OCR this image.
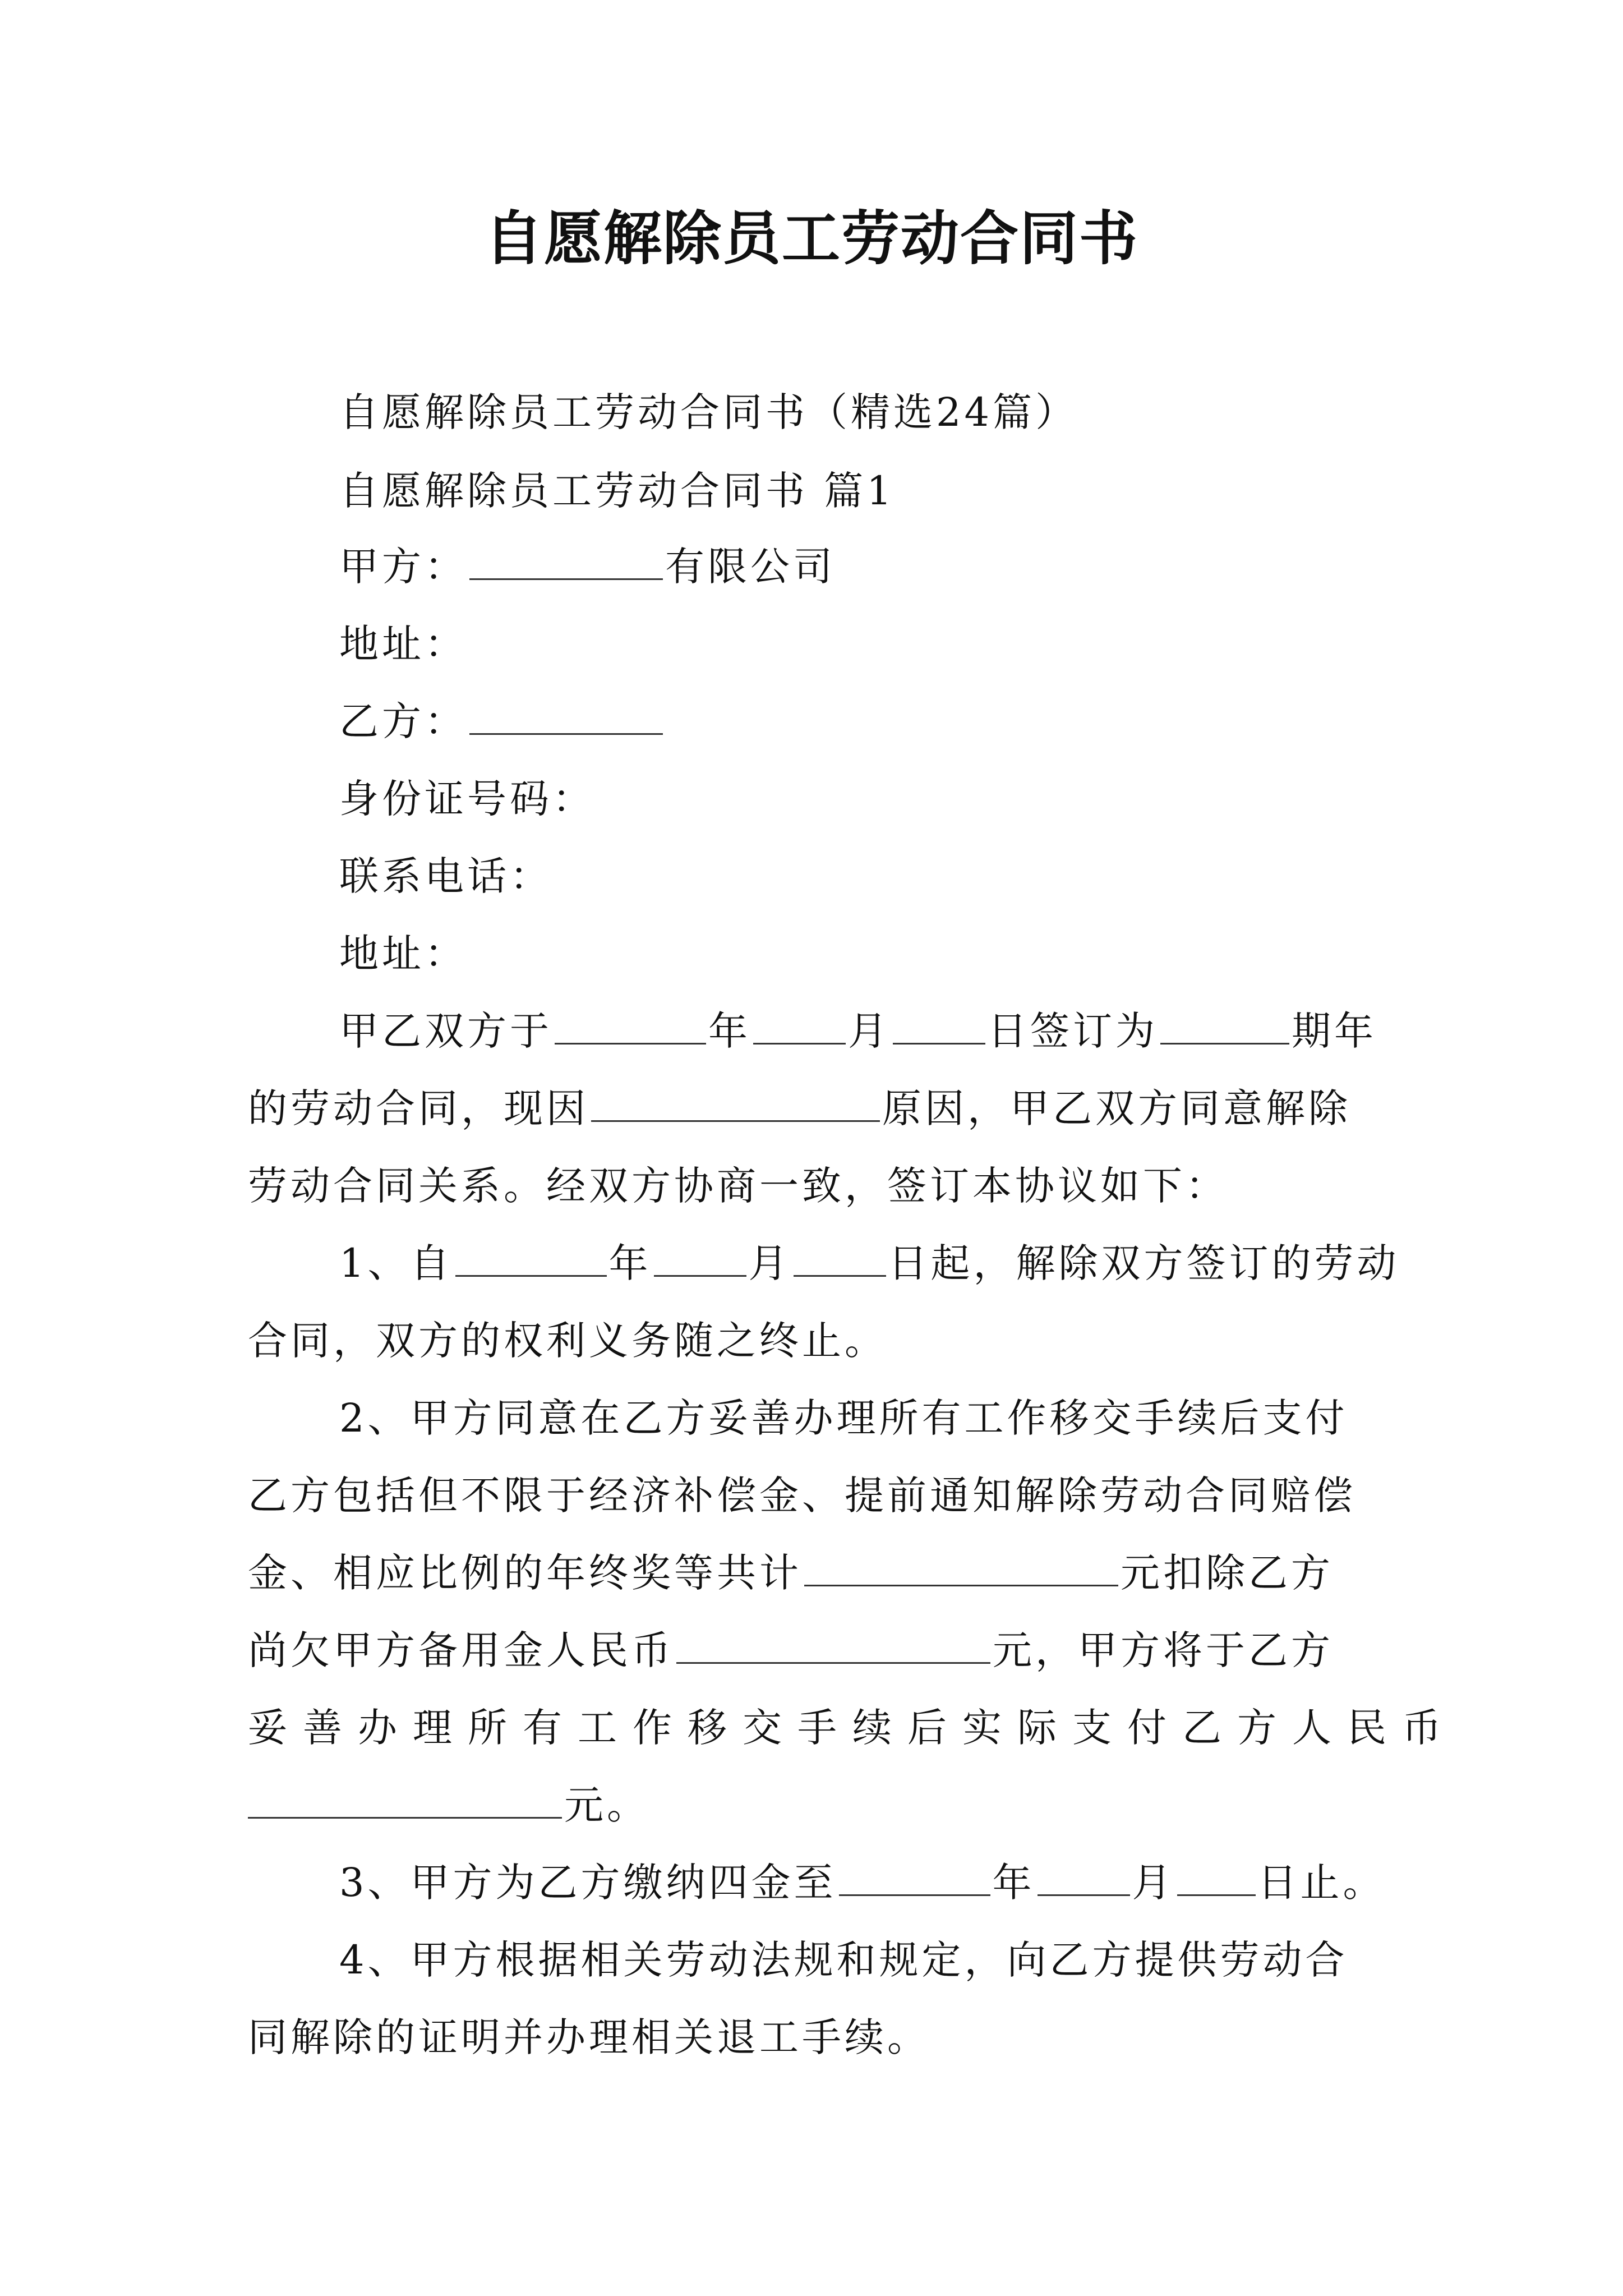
自愿解除员工劳动合同书
自愿解除员工劳动合同书（精选24篇）
自愿解除员工劳动合同书 篇1
甲方：	有限公司
地址：
乙方：
身份证号码：
联系电话：
地址：
甲乙双方于	年 月 日签订为	期年
的劳动合同，现因	原因，甲乙双方同意解除
劳动合同关系。经双方协商一致，签订本协议如下：
1、自	年 月 日起，解除双方签订的劳动
合同，双方的权利义务随之终止。
2、甲方同意在乙方妥善办理所有工作移交手续后支付
乙方包括但不限于经济补偿金、提前通知解除劳动合同赔偿
金、相应比例的年终奖等共计	元扣除乙方
尚欠甲方备用金人民币	元，甲方将于乙方
妥善办理所有工作移交手续后实际支付乙方人民币
元。
3、甲方为乙方缴纳四金至	年 月 日止。
4、甲方根据相关劳动法规和规定，向乙方提供劳动合
同解除的证明并办理相关退工手续。
